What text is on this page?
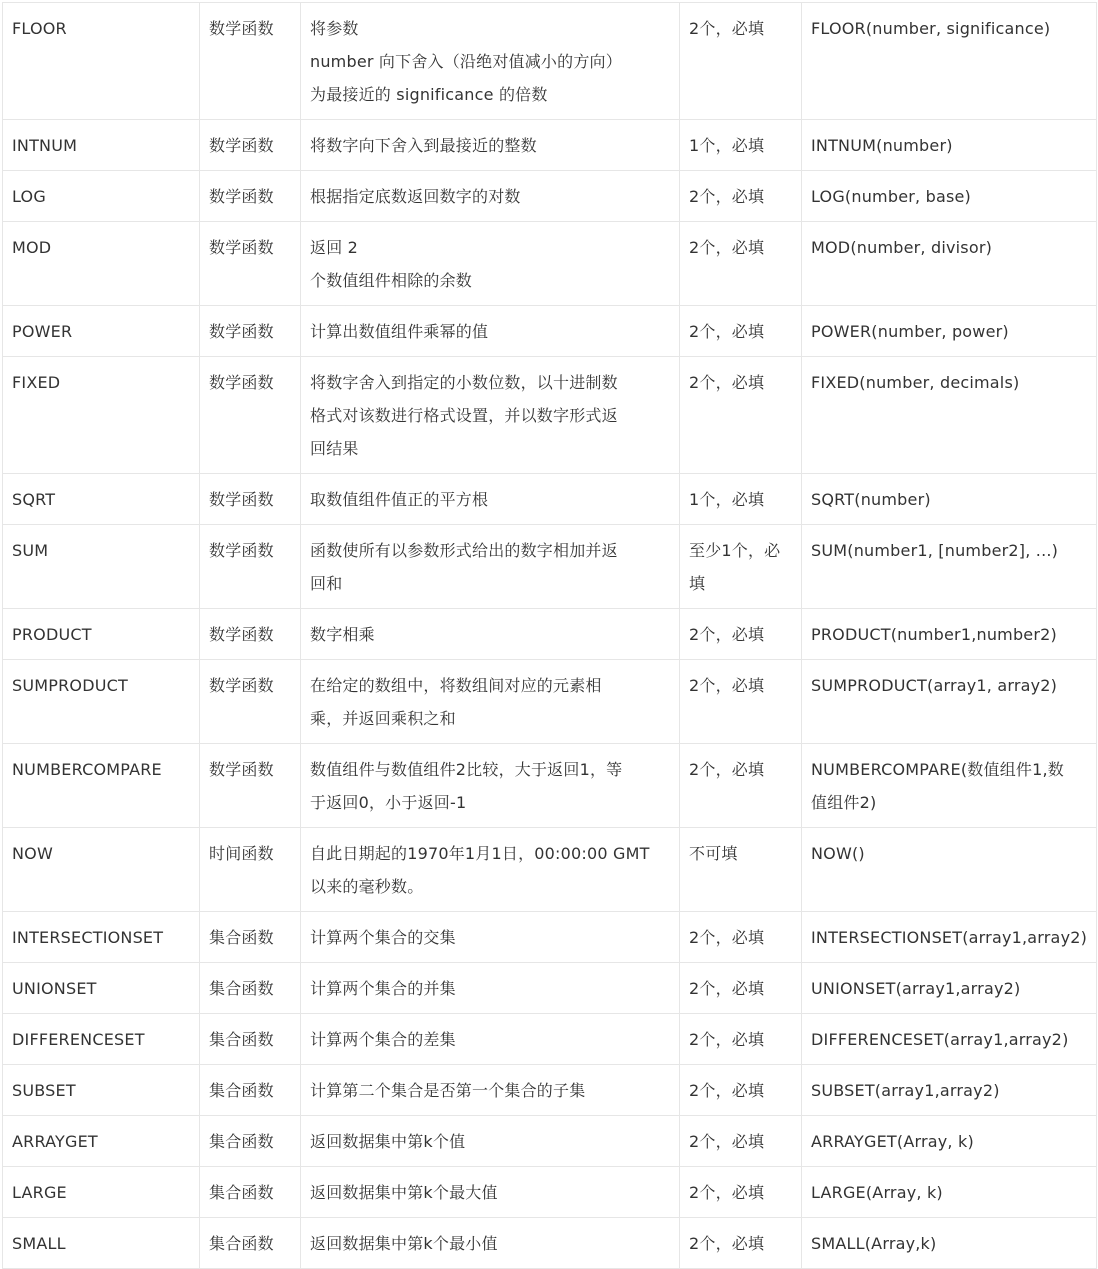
FLOOR	数学函数	将参数
number 向下舍入（沿绝对值减小的方向）
为最接近的 significance 的倍数	2个，必填	FLOOR(number, significance)

INTNUM	数学函数	将数字向下舍入到最接近的整数	1个，必填	INTNUM(number)

LOG	数学函数	根据指定底数返回数字的对数	2个，必填	LOG(number, base)

MOD	数学函数	返回 2
个数值组件相除的余数	2个，必填	MOD(number, divisor)

POWER	数学函数	计算出数值组件乘幂的值	2个，必填	POWER(number, power)

FIXED	数学函数	将数字舍入到指定的小数位数，以十进制数
格式对该数进行格式设置，并以数字形式返
回结果	2个，必填	FIXED(number, decimals)

SQRT	数学函数	取数值组件值正的平方根	1个，必填	SQRT(number)

SUM	数学函数	函数使所有以参数形式给出的数字相加并返
回和	至少1个，必
填	SUM(number1, [number2], ...)

PRODUCT	数学函数	数字相乘	2个，必填	PRODUCT(number1,number2)

SUMPRODUCT	数学函数	在给定的数组中，将数组间对应的元素相
乘，并返回乘积之和	2个，必填	SUMPRODUCT(array1, array2)

NUMBERCOMPARE	数学函数	数值组件与数值组件2比较，大于返回1，等
于返回0，小于返回-1	2个，必填	NUMBERCOMPARE(数值组件1,数
值组件2)

NOW	时间函数	自此日期起的1970年1月1日，00:00:00 GMT
以来的毫秒数。	不可填	NOW()

INTERSECTIONSET	集合函数	计算两个集合的交集	2个，必填	INTERSECTIONSET(array1,array2)

UNIONSET	集合函数	计算两个集合的并集	2个，必填	UNIONSET(array1,array2)

DIFFERENCESET	集合函数	计算两个集合的差集	2个，必填	DIFFERENCESET(array1,array2)

SUBSET	集合函数	计算第二个集合是否第一个集合的子集	2个，必填	SUBSET(array1,array2)

ARRAYGET	集合函数	返回数据集中第k个值	2个，必填	ARRAYGET(Array, k)

LARGE	集合函数	返回数据集中第k个最大值	2个，必填	LARGE(Array, k)

SMALL	集合函数	返回数据集中第k个最小值	2个，必填	SMALL(Array,k)
